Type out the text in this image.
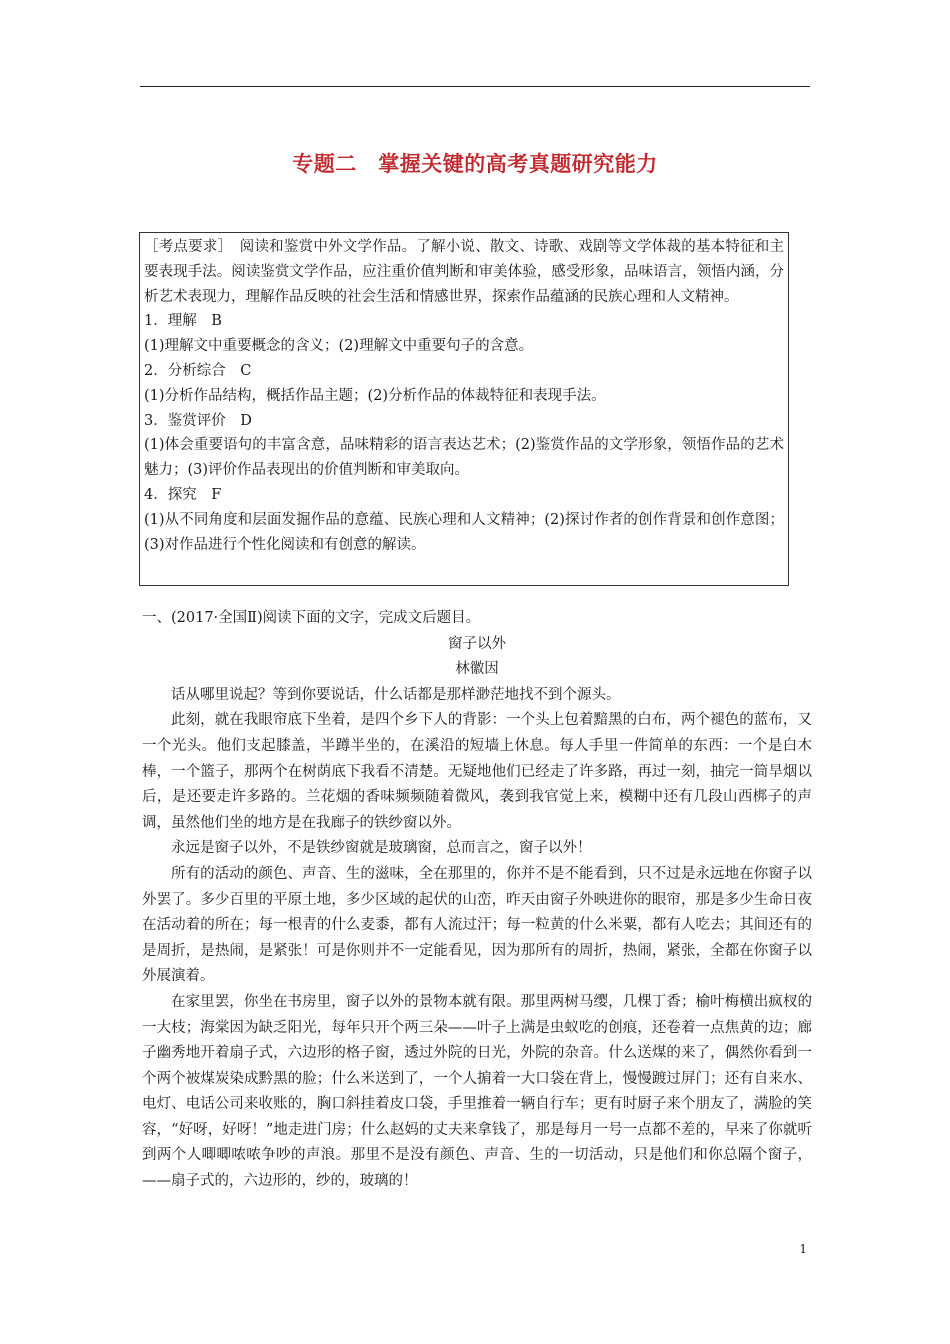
专题二　掌握关键的高考真题研究能力

［考点要求］　阅读和鉴赏中外文学作品。了解小说、散文、诗歌、戏剧等文学体裁的基本特征和主要表现手法。阅读鉴赏文学作品，应注重价值判断和审美体验，感受形象，品味语言，领悟内涵，分析艺术表现力，理解作品反映的社会生活和情感世界，探索作品蕴涵的民族心理和人文精神。

1．理解　B

(1)理解文中重要概念的含义；(2)理解文中重要句子的含意。

2．分析综合　C

(1)分析作品结构，概括作品主题；(2)分析作品的体裁特征和表现手法。

3．鉴赏评价　D

(1)体会重要语句的丰富含意，品味精彩的语言表达艺术；(2)鉴赏作品的文学形象，领悟作品的艺术魅力；(3)评价作品表现出的价值判断和审美取向。

4．探究　F

(1)从不同角度和层面发掘作品的意蕴、民族心理和人文精神；(2)探讨作者的创作背景和创作意图；(3)对作品进行个性化阅读和有创意的解读。

一、(2017·全国Ⅱ)阅读下面的文字，完成文后题目。

窗子以外

林徽因

话从哪里说起？等到你要说话，什么话都是那样渺茫地找不到个源头。

此刻，就在我眼帘底下坐着，是四个乡下人的背影：一个头上包着黯黑的白布，两个褪色的蓝布，又一个光头。他们支起膝盖，半蹲半坐的，在溪沿的短墙上休息。每人手里一件简单的东西：一个是白木棒，一个篮子，那两个在树荫底下我看不清楚。无疑地他们已经走了许多路，再过一刻，抽完一筒旱烟以后，是还要走许多路的。兰花烟的香味频频随着微风，袭到我官觉上来，模糊中还有几段山西梆子的声调，虽然他们坐的地方是在我廊子的铁纱窗以外。

永远是窗子以外，不是铁纱窗就是玻璃窗，总而言之，窗子以外！

所有的活动的颜色、声音、生的滋味，全在那里的，你并不是不能看到，只不过是永远地在你窗子以外罢了。多少百里的平原土地，多少区域的起伏的山峦，昨天由窗子外映进你的眼帘，那是多少生命日夜在活动着的所在；每一根青的什么麦黍，都有人流过汗；每一粒黄的什么米粟，都有人吃去；其间还有的是周折，是热闹，是紧张！可是你则并不一定能看见，因为那所有的周折，热闹，紧张，全都在你窗子以外展演着。

在家里罢，你坐在书房里，窗子以外的景物本就有限。那里两树马缨，几棵丁香；榆叶梅横出疯杈的一大枝；海棠因为缺乏阳光，每年只开个两三朵——叶子上满是虫蚁吃的创痕，还卷着一点焦黄的边；廊子幽秀地开着扇子式，六边形的格子窗，透过外院的日光，外院的杂音。什么送煤的来了，偶然你看到一个两个被煤炭染成黔黑的脸；什么米送到了，一个人掮着一大口袋在背上，慢慢踱过屏门；还有自来水、电灯、电话公司来收账的，胸口斜挂着皮口袋，手里推着一辆自行车；更有时厨子来个朋友了，满脸的笑容，“好呀，好呀！”地走进门房；什么赵妈的丈夫来拿钱了，那是每月一号一点都不差的，早来了你就听到两个人唧唧哝哝争吵的声浪。那里不是没有颜色、声音、生的一切活动，只是他们和你总隔个窗子，——扇子式的，六边形的，纱的，玻璃的！

1
